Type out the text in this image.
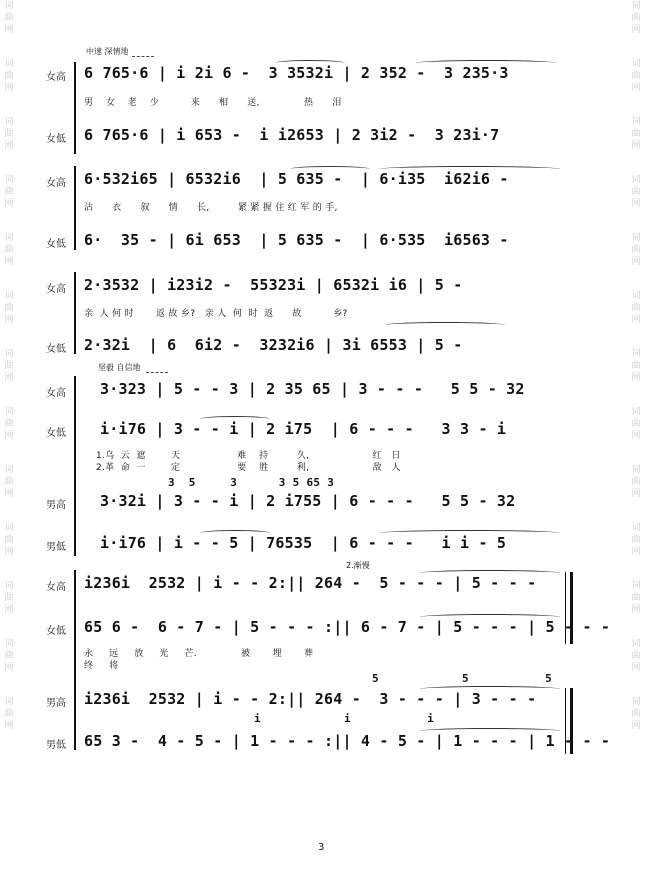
词
曲
网
词
曲
网
词
曲
网
词
曲
网
词
曲
网
词
曲
网
词
曲
网
词
曲
网
词
曲
网
词
曲
网
词
曲
网
词
曲
网
词
曲
网
词
曲
网
词
曲
网
词
曲
网
词
曲
网
词
曲
网
词
曲
网
词
曲
网
词
曲
网
词
曲
网
词
曲
网
词
曲
网
词
曲
网
词
曲
网
中速 深情地
女高 6 765·6 | i 2i 6 -  3 3532i | 2 352 -  3 235·3
男    女    老    少          来      相      送,              热      泪
女低 6 765·6 | i 653 -  i i2653 | 2 3i2 -  3 23i·7
女高 6·532i65 | 6532i6  | 5 635 -  | 6·i35  i62i6 -
沾      衣      叙      情      长,         紧 紧 握 住 红 军 的 手,
女低 6·  35 - | 6i 653  | 5 635 -  | 6·535  i6563 -
女高 2·3532 | i23i2 -  55323i | 6532i i6 | 5 -
亲  人 何 时       返 故 乡?   亲 人  何  时  返      故          乡?
女低 2·32i  | 6  6i2 -  3232i6 | 3i 6553 | 5 -
坚毅 自信地
女高 3·323 | 5 - - 3 | 2 35 65 | 3 - - -   5 5 - 32
女低 i·i76 | 3 - - i | 2 i75  | 6 - - -   3 3 - i
1.乌  云  遮        天                  难    持         久,                    红   日
2.革  命  一        定                  要    胜         利,                    敌   人
3  5     3      3 5 65 3
男高 3·32i | 3 - - i | 2 i755 | 6 - - -   5 5 - 32
男低 i·i76 | i - - 5 | 76535  | 6 - - -   i i - 5
2.渐慢
女高 i236i  2532 | i - - 2:|| 264 -  5 - - - | 5 - - -
女低 65 6 -  6 - 7 - | 5 - - - :|| 6 - 7 - | 5 - - - | 5 - - -
永     远     放     光     芒.              被       埋       葬
终     将
5            5           5
男高 i236i  2532 | i - - 2:|| 264 -  3 - - - | 3 - - -
i            i           i
男低 65 3 -  4 - 5 - | 1 - - - :|| 4 - 5 - | 1 - - - | 1 - - -
3
